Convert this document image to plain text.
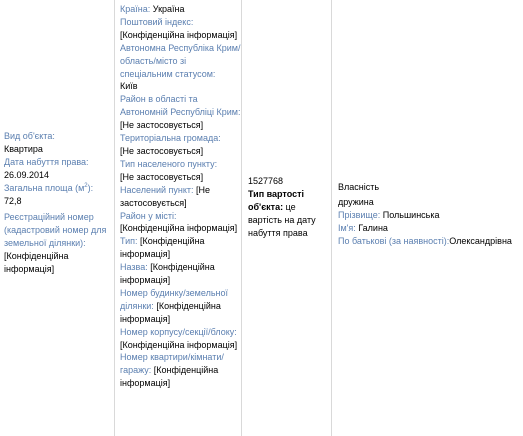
Вид об'єкта:
Квартира
Дата набуття права:
26.09.2014
Загальна площа $(м^2)$:
72,8
Реєстраційний номер (кадастровий номер для земельної ділянки):
[Конфіденційна інформація]
Країна: Україна
Поштовий індекс:
[Конфіденційна інформація]
Автономна Республіка Крим/область/місто зі спеціальним статусом:
Київ
Район в області та Автономній Республіці Крим: [Не застосовується]
Територіальна громада:
[Не застосовується]
Тип населеного пункту:
[Не застосовується]
Населений пункт: [Не застосовується]
Район у місті:
[Конфіденційна інформація]
Тип: [Конфіденційна інформація]
Назва: [Конфіденційна інформація]
Номер будинку/земельної ділянки: [Конфіденційна інформація]
Номер корпусу/секції/блоку: [Конфіденційна інформація]
Номер квартири/кімнати/гаражу: [Конфіденційна інформація]
1527768
Тип вартості об'єкта: це вартість на дату набуття права
Власність
дружина
Прізвище: Польшинська
Ім'я: Галина
По батькові (за наявності):Олександрівна
